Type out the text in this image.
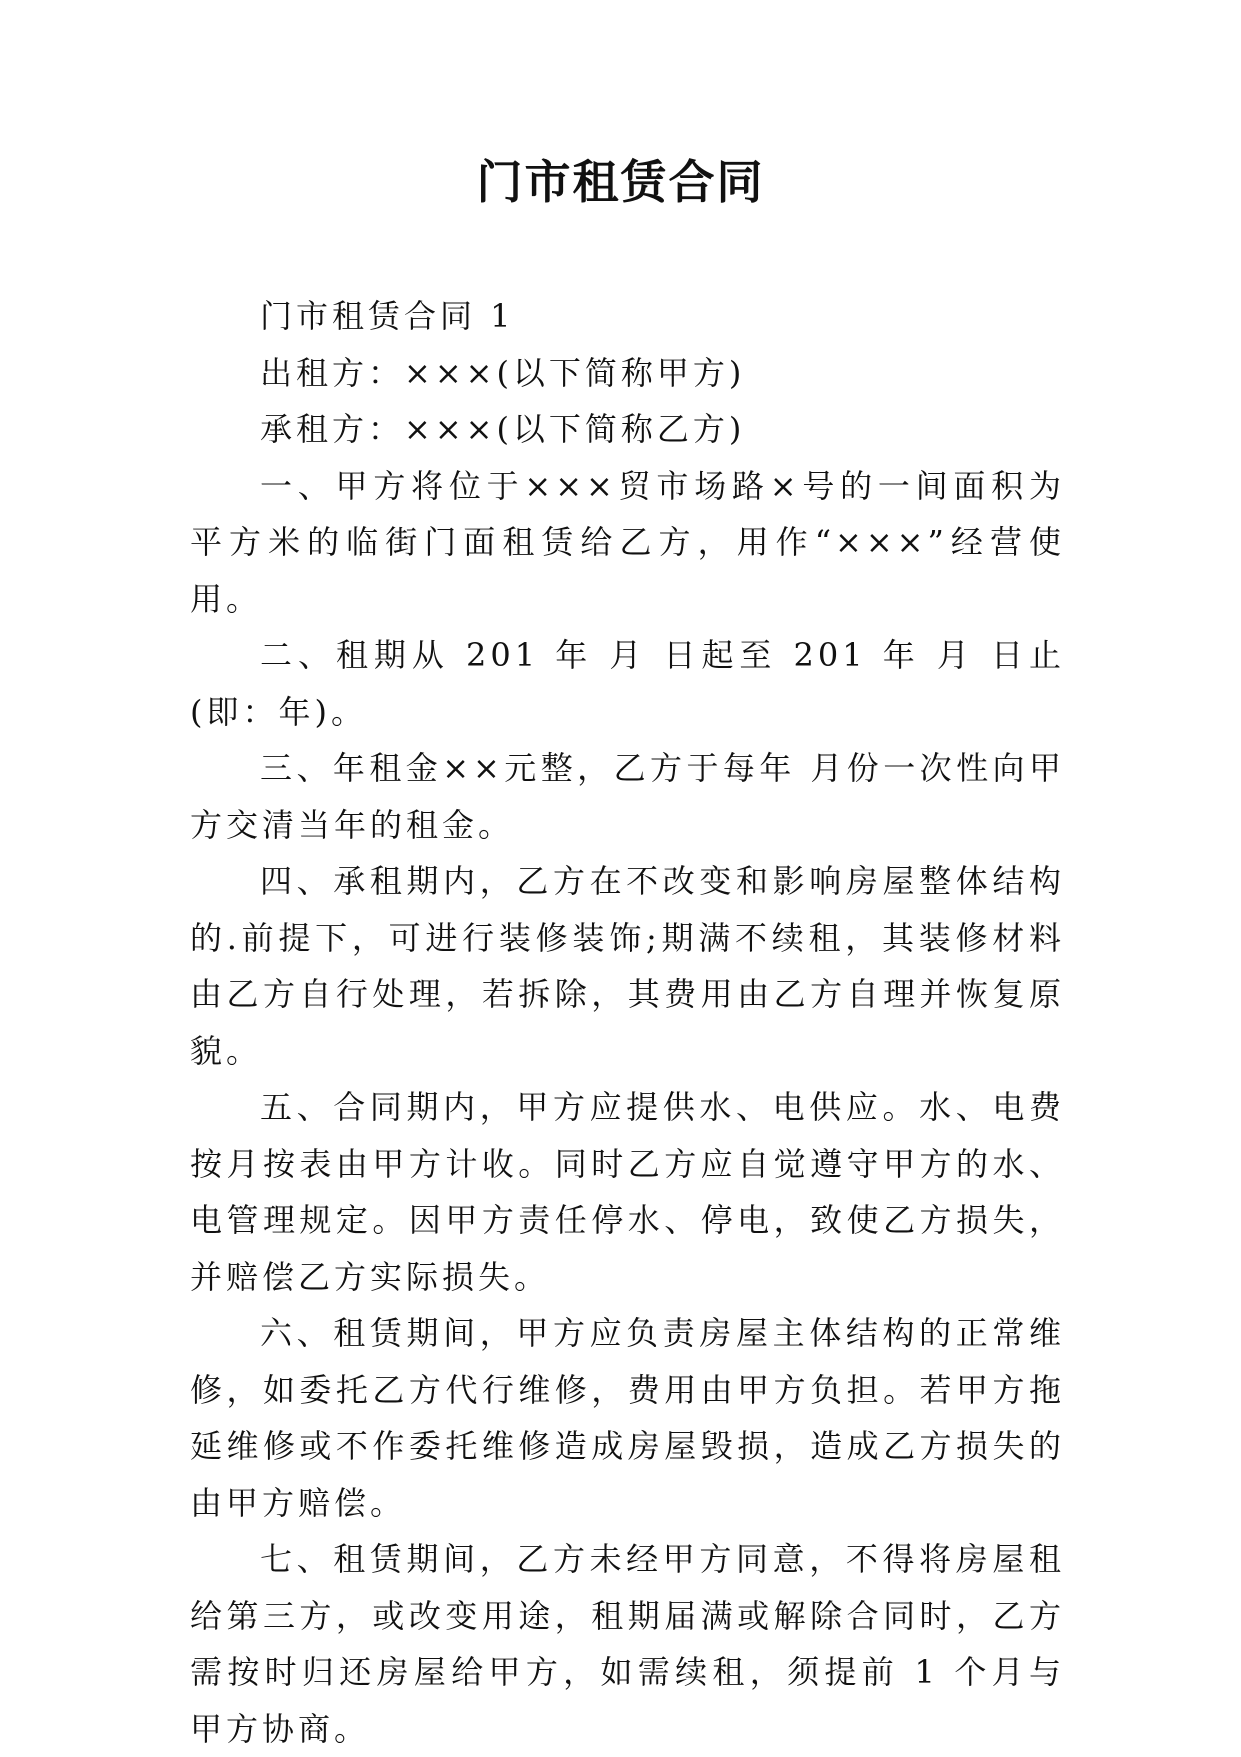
门市租赁合同

门市租赁合同 1

出租方：×××(以下简称甲方)

承租方：×××(以下简称乙方)

一、甲方将位于×××贸市场路×号的一间面积为 平方米的临街门面租赁给乙方，用作“×××”经营使用。

二、租期从 201 年 月 日起至 201 年 月 日止(即：年)。

三、年租金××元整，乙方于每年 月份一次性向甲方交清当年的租金。

四、承租期内，乙方在不改变和影响房屋整体结构的.前提下，可进行装修装饰;期满不续租，其装修材料由乙方自行处理，若拆除，其费用由乙方自理并恢复原貌。

五、合同期内，甲方应提供水、电供应。水、电费按月按表由甲方计收。同时乙方应自觉遵守甲方的水、电管理规定。因甲方责任停水、停电，致使乙方损失，并赔偿乙方实际损失。

六、租赁期间，甲方应负责房屋主体结构的正常维修，如委托乙方代行维修，费用由甲方负担。若甲方拖延维修或不作委托维修造成房屋毁损，造成乙方损失的由甲方赔偿。

七、租赁期间，乙方未经甲方同意，不得将房屋租给第三方，或改变用途，租期届满或解除合同时，乙方需按时归还房屋给甲方，如需续租，须提前 1 个月与甲方协商。
